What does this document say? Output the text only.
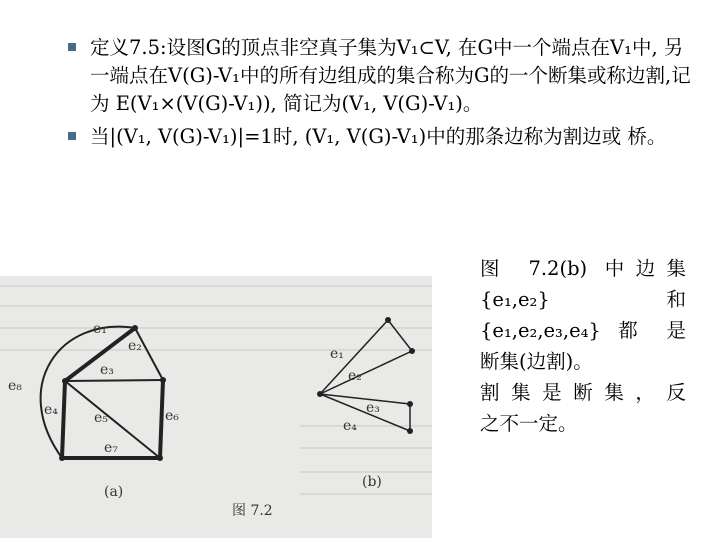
定义7.5:设图G的顶点非空真子集为V₁⊂V, 在G中一个端点在V₁中, 另一端点在V(G)-V₁中的所有边组成的集合称为G的一个断集或称边割,记为 E(V₁×(V(G)-V₁)), 简记为(V₁, V(G)-V₁)。
当|(V₁, V(G)-V₁)|=1时, (V₁, V(G)-V₁)中的那条边称为割边或 桥。
e₁
e₂
e₃
e₄	e₅	e₆
e₇
e₈
e₁
e₂
e₃
e₄
(a)
(b)
图 7.2
图 7.2(b) 中边集
{e₁,e₂} 和
{e₁,e₂,e₃,e₄} 都 是
断集(边割)。
割集是断集，反
之不一定。
